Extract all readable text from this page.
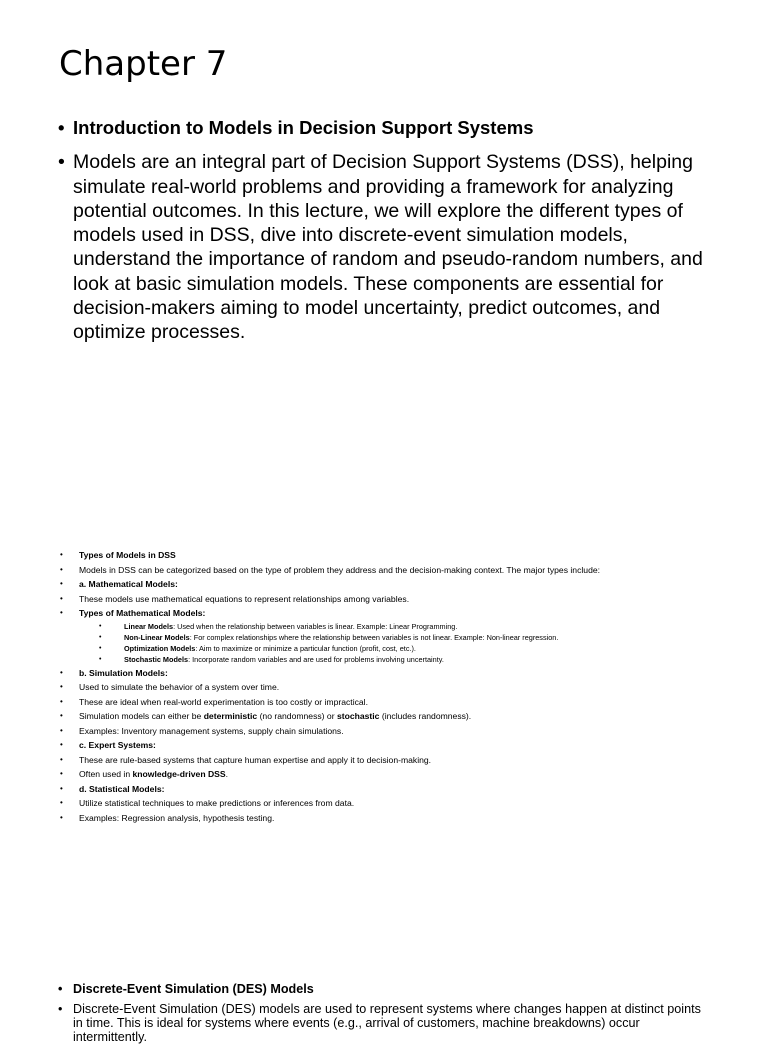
Chapter 7
• Introduction to Models in Decision Support Systems
• Models are an integral part of Decision Support Systems (DSS), helping simulate real-world problems and providing a framework for analyzing potential outcomes. In this lecture, we will explore the different types of models used in DSS, dive into discrete-event simulation models, understand the importance of random and pseudo-random numbers, and look at basic simulation models. These components are essential for decision-makers aiming to model uncertainty, predict outcomes, and optimize processes.
• Types of Models in DSS
• Models in DSS can be categorized based on the type of problem they address and the decision-making context. The major types include:
• a. Mathematical Models:
• These models use mathematical equations to represent relationships among variables.
• Types of Mathematical Models:
• Linear Models: Used when the relationship between variables is linear. Example: Linear Programming.
• Non-Linear Models: For complex relationships where the relationship between variables is not linear. Example: Non-linear regression.
• Optimization Models: Aim to maximize or minimize a particular function (profit, cost, etc.).
• Stochastic Models: Incorporate random variables and are used for problems involving uncertainty.
• b. Simulation Models:
• Used to simulate the behavior of a system over time.
• These are ideal when real-world experimentation is too costly or impractical.
• Simulation models can either be deterministic (no randomness) or stochastic (includes randomness).
• Examples: Inventory management systems, supply chain simulations.
• c. Expert Systems:
• These are rule-based systems that capture human expertise and apply it to decision-making.
• Often used in knowledge-driven DSS.
• d. Statistical Models:
• Utilize statistical techniques to make predictions or inferences from data.
• Examples: Regression analysis, hypothesis testing.
• Discrete-Event Simulation (DES) Models
• Discrete-Event Simulation (DES) models are used to represent systems where changes happen at distinct points in time. This is ideal for systems where events (e.g., arrival of customers, machine breakdowns) occur intermittently.
